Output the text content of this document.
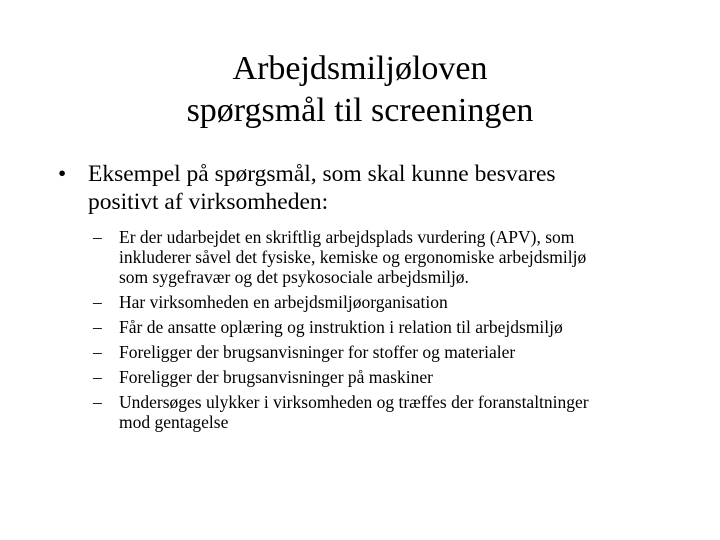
Arbejdsmiljøloven
spørgsmål til screeningen
• Eksempel på spørgsmål, som skal kunne besvares
positivt af virksomheden:
– Er der udarbejdet en skriftlig arbejdsplads vurdering (APV), som
inkluderer såvel det fysiske, kemiske og ergonomiske arbejdsmiljø
som sygefravær og det psykosociale arbejdsmiljø.
– Har virksomheden en arbejdsmiljøorganisation
– Får de ansatte oplæring og instruktion i relation til arbejdsmiljø
– Foreligger der brugsanvisninger for stoffer og materialer
– Foreligger der brugsanvisninger på maskiner
– Undersøges ulykker i virksomheden og træffes der foranstaltninger
mod gentagelse
